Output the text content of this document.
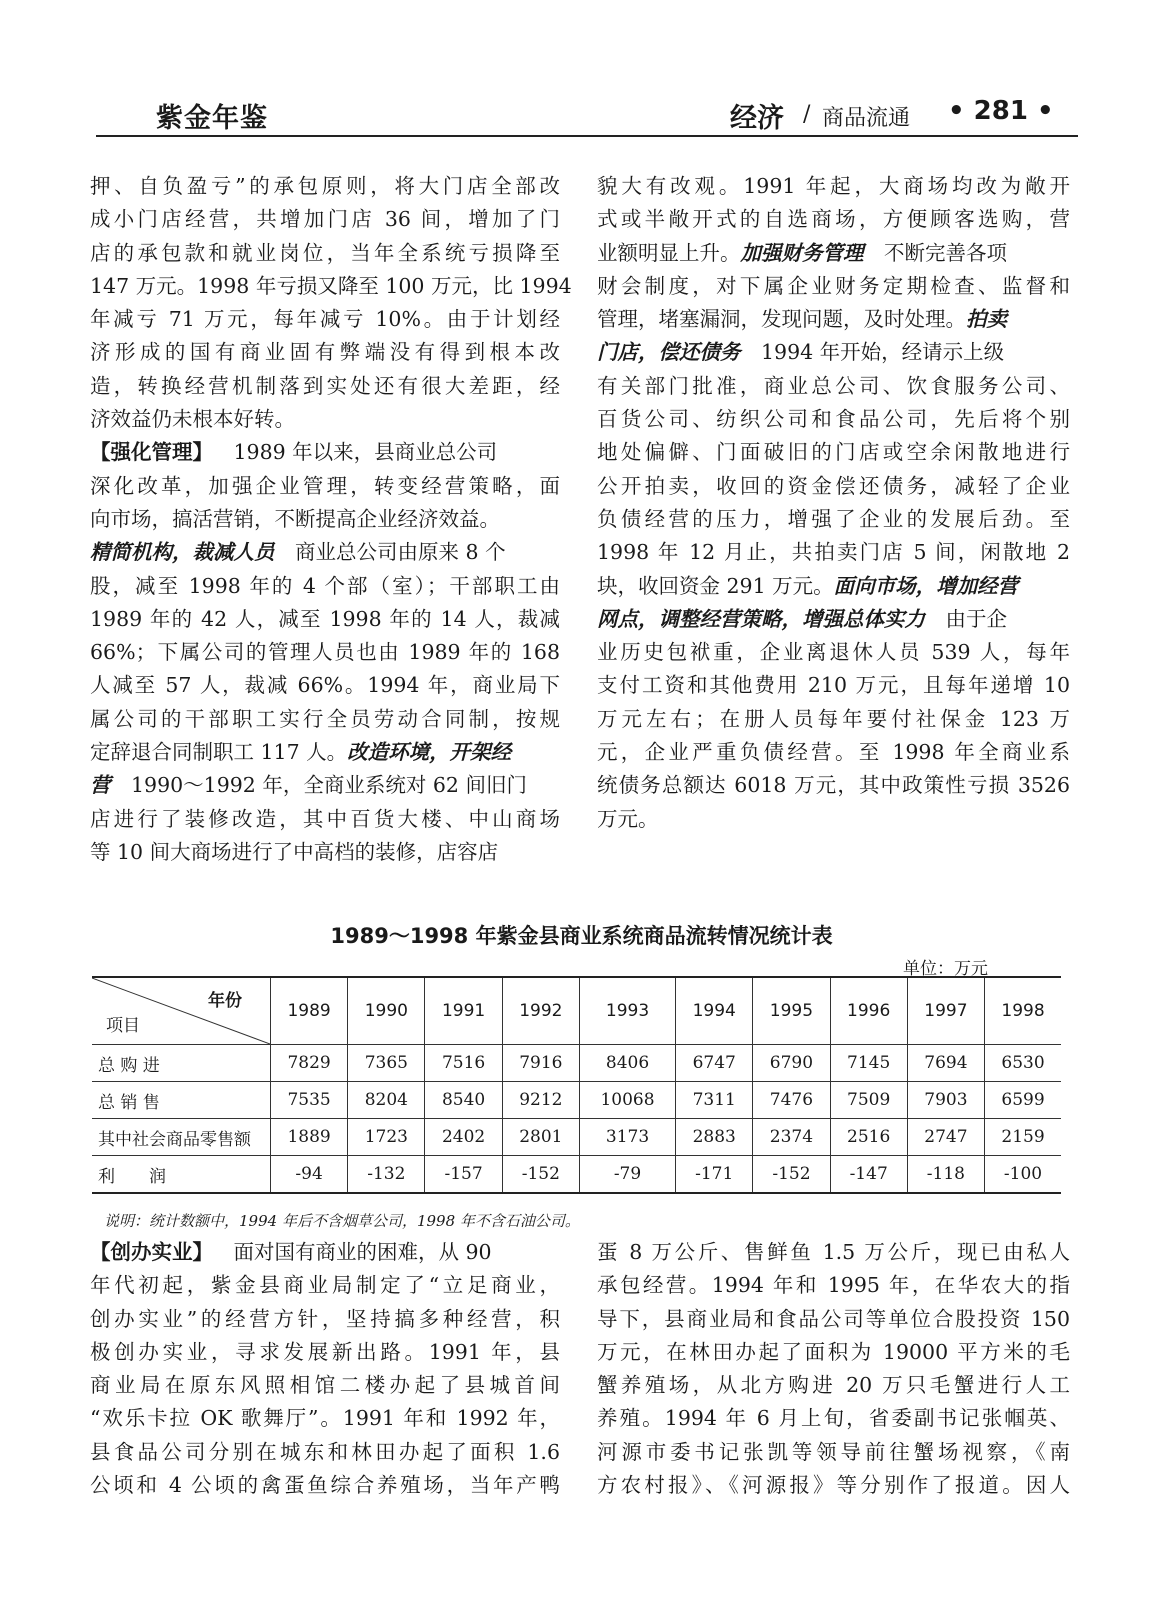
紫金年鉴	经济 / 商品流通 • 281 •
押、自负盈亏”的承包原则，将大门店全部改
成小门店经营，共增加门店 36 间，增加了门
店的承包款和就业岗位，当年全系统亏损降至
147 万元。1998 年亏损又降至 100 万元，比 1994
年减亏 71 万元，每年减亏 10%。由于计划经
济形成的国有商业固有弊端没有得到根本改
造，转换经营机制落到实处还有很大差距，经
济效益仍未根本好转。
【强化管理】  1989 年以来，县商业总公司
深化改革，加强企业管理，转变经营策略，面
向市场，搞活营销，不断提高企业经济效益。
精简机构，裁减人员  商业总公司由原来 8 个
股，减至 1998 年的 4 个部（室）；干部职工由
1989 年的 42 人，减至 1998 年的 14 人，裁减
66%；下属公司的管理人员也由 1989 年的 168
人减至 57 人，裁减 66%。1994 年，商业局下
属公司的干部职工实行全员劳动合同制，按规
定辞退合同制职工 117 人。改造环境，开架经
营  1990～1992 年，全商业系统对 62 间旧门
店进行了装修改造，其中百货大楼、中山商场
等 10 间大商场进行了中高档的装修，店容店
貌大有改观。1991 年起，大商场均改为敞开
式或半敞开式的自选商场，方便顾客选购，营
业额明显上升。加强财务管理  不断完善各项
财会制度，对下属企业财务定期检查、监督和
管理，堵塞漏洞，发现问题，及时处理。拍卖
门店，偿还债务  1994 年开始，经请示上级
有关部门批准，商业总公司、饮食服务公司、
百货公司、纺织公司和食品公司，先后将个别
地处偏僻、门面破旧的门店或空余闲散地进行
公开拍卖，收回的资金偿还债务，减轻了企业
负债经营的压力，增强了企业的发展后劲。至
1998 年 12 月止，共拍卖门店 5 间，闲散地 2
块，收回资金 291 万元。面向市场，增加经营
网点，调整经营策略，增强总体实力  由于企
业历史包袱重，企业离退休人员 539 人，每年
支付工资和其他费用 210 万元，且每年递增 10
万元左右；在册人员每年要付社保金 123 万
元，企业严重负债经营。至 1998 年全商业系
统债务总额达 6018 万元，其中政策性亏损 3526
万元。
1989～1998 年紫金县商业系统商品流转情况统计表
单位：万元
年份
项目	1989	1990	1991	1992	1993	1994	1995	1996	1997	1998
总 购 进	7829	7365	7516	7916	8406	6747	6790	7145	7694	6530
总 销 售	7535	8204	8540	9212	10068	7311	7476	7509	7903	6599
其中社会商品零售额	1889	1723	2402	2801	3173	2883	2374	2516	2747	2159
利　　润	-94	-132	-157	-152	-79	-171	-152	-147	-118	-100
说明：统计数额中，1994 年后不含烟草公司，1998 年不含石油公司。
【创办实业】  面对国有商业的困难，从 90
年代初起，紫金县商业局制定了“立足商业，
创办实业”的经营方针，坚持搞多种经营，积
极创办实业，寻求发展新出路。1991 年，县
商业局在原东风照相馆二楼办起了县城首间
“欢乐卡拉 OK 歌舞厅”。1991 年和 1992 年，
县食品公司分别在城东和林田办起了面积 1.6
公顷和 4 公顷的禽蛋鱼综合养殖场，当年产鸭
蛋 8 万公斤、售鲜鱼 1.5 万公斤，现已由私人
承包经营。1994 年和 1995 年，在华农大的指
导下，县商业局和食品公司等单位合股投资 150
万元，在林田办起了面积为 19000 平方米的毛
蟹养殖场，从北方购进 20 万只毛蟹进行人工
养殖。1994 年 6 月上旬，省委副书记张帼英、
河源市委书记张凯等领导前往蟹场视察，《南
方农村报》、《河源报》等分别作了报道。因人
